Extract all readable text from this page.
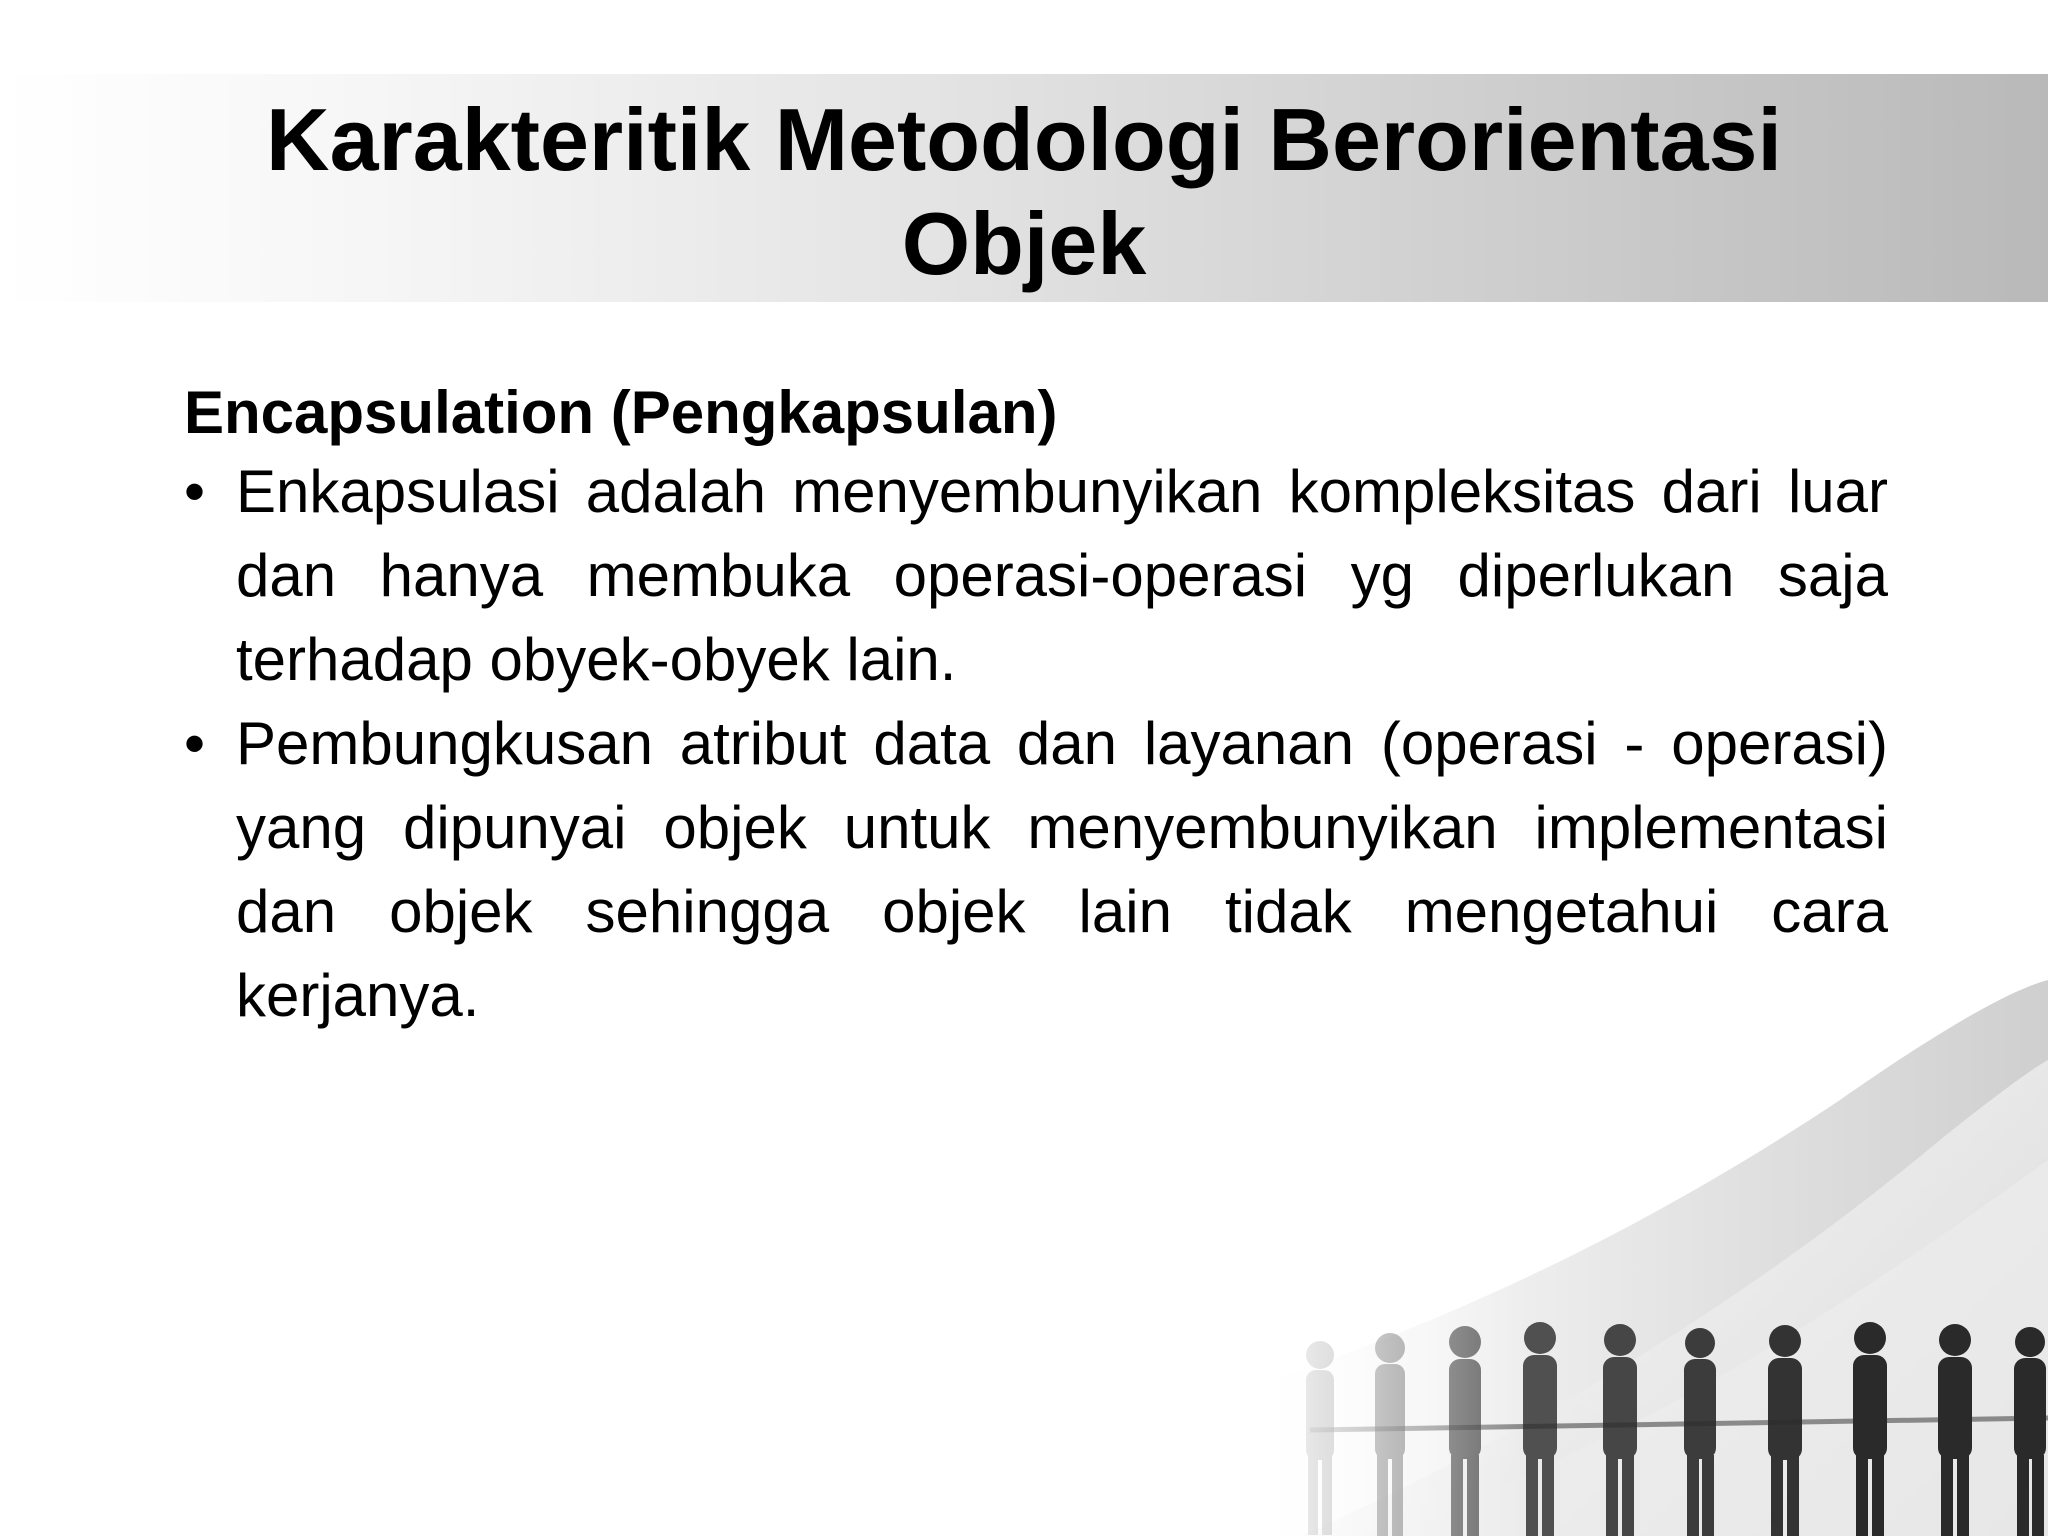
Karakteritik Metodologi Berorientasi
Objek

Encapsulation (Pengkapsulan)

• Enkapsulasi adalah menyembunyikan kompleksitas dari luar dan hanya membuka operasi-operasi yg diperlukan saja terhadap obyek-obyek lain.
• Pembungkusan atribut data dan layanan (operasi - operasi) yang dipunyai objek untuk menyembunyikan implementasi dan objek sehingga objek lain tidak mengetahui cara kerjanya.
